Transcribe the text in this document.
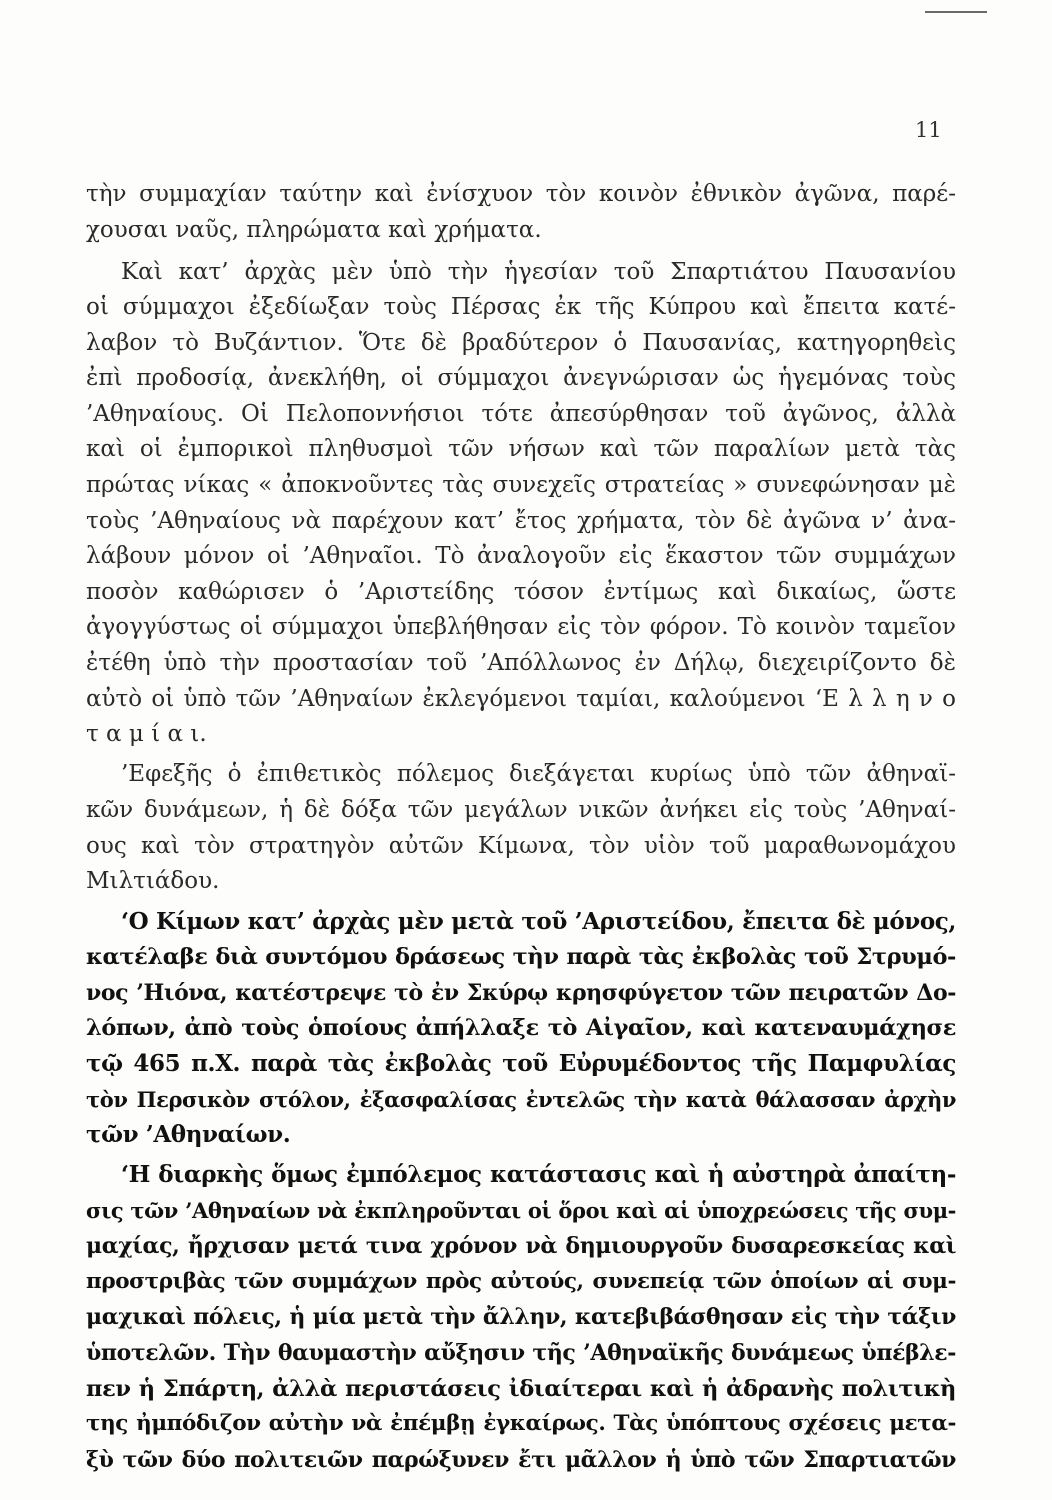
11
τὴν συμμαχίαν ταύτην καὶ ἐνίσχυον τὸν κοινὸν ἐθνικὸν ἀγῶνα, παρέ-
χουσαι ναῦς, πληρώματα καὶ χρήματα.
Καὶ κατ’ ἀρχὰς μὲν ὑπὸ τὴν ἡγεσίαν τοῦ Σπαρτιάτου Παυσανίου
οἱ σύμμαχοι ἐξεδίωξαν τοὺς Πέρσας ἐκ τῆς Κύπρου καὶ ἔπειτα κατέ-
λαβον τὸ Βυζάντιον. Ὅτε δὲ βραδύτερον ὁ Παυσανίας, κατηγορηθεὶς
ἐπὶ προδοσίᾳ, ἀνεκλήθη, οἱ σύμμαχοι ἀνεγνώρισαν ὡς ἡγεμόνας τοὺς
’Αθηναίους. Οἱ Πελοποννήσιοι τότε ἀπεσύρθησαν τοῦ ἀγῶνος, ἀλλὰ
καὶ οἱ ἐμπορικοὶ πληθυσμοὶ τῶν νήσων καὶ τῶν παραλίων μετὰ τὰς
πρώτας νίκας « ἀποκνοῦντες τὰς συνεχεῖς στρατείας » συνεφώνησαν μὲ
τοὺς ’Αθηναίους νὰ παρέχουν κατ’ ἔτος χρήματα, τὸν δὲ ἀγῶνα ν’ ἀνα-
λάβουν μόνον οἱ ’Αθηναῖοι. Τὸ ἀναλογοῦν εἰς ἕκαστον τῶν συμμάχων
ποσὸν καθώρισεν ὁ ’Αριστείδης τόσον ἐντίμως καὶ δικαίως, ὥστε
ἀγογγύστως οἱ σύμμαχοι ὑπεβλήθησαν εἰς τὸν φόρον. Τὸ κοινὸν ταμεῖον
ἐτέθη ὑπὸ τὴν προστασίαν τοῦ ’Απόλλωνος ἐν Δήλῳ, διεχειρίζοντο δὲ
αὐτὸ οἱ ὑπὸ τῶν ’Αθηναίων ἐκλεγόμενοι ταμίαι, καλούμενοι ‘Ε λ λ η ν ο
τ α μ ί α ι.
’Εφεξῆς ὁ ἐπιθετικὸς πόλεμος διεξάγεται κυρίως ὑπὸ τῶν ἀθηναϊ-
κῶν δυνάμεων, ἡ δὲ δόξα τῶν μεγάλων νικῶν ἀνήκει εἰς τοὺς ’Αθηναί-
ους καὶ τὸν στρατηγὸν αὐτῶν Κίμωνα, τὸν υἱὸν τοῦ μαραθωνομάχου
Μιλτιάδου.
‘Ο Κίμων κατ’ ἀρχὰς μὲν μετὰ τοῦ ’Αριστείδου, ἔπειτα δὲ μόνος,
κατέλαβε διὰ συντόμου δράσεως τὴν παρὰ τὰς ἐκβολὰς τοῦ Στρυμό-
νος ’Ηιόνα, κατέστρεψε τὸ ἐν Σκύρῳ κρησφύγετον τῶν πειρατῶν Δο-
λόπων, ἀπὸ τοὺς ὁποίους ἀπήλλαξε τὸ Αἰγαῖον, καὶ κατεναυμάχησε
τῷ 465 π.Χ. παρὰ τὰς ἐκβολὰς τοῦ Εὐρυμέδοντος τῆς Παμφυλίας
τὸν Περσικὸν στόλον, ἐξασφαλίσας ἐντελῶς τὴν κατὰ θάλασσαν ἀρχὴν
τῶν ’Αθηναίων.
‘Η διαρκὴς ὅμως ἐμπόλεμος κατάστασις καὶ ἡ αὐστηρὰ ἀπαίτη-
σις τῶν ’Αθηναίων νὰ ἐκπληροῦνται οἱ ὅροι καὶ αἱ ὑποχρεώσεις τῆς συμ-
μαχίας, ἤρχισαν μετά τινα χρόνον νὰ δημιουργοῦν δυσαρεσκείας καὶ
προστριβὰς τῶν συμμάχων πρὸς αὐτούς, συνεπείᾳ τῶν ὁποίων αἱ συμ-
μαχικαὶ πόλεις, ἡ μία μετὰ τὴν ἄλλην, κατεβιβάσθησαν εἰς τὴν τάξιν
ὑποτελῶν. Τὴν θαυμαστὴν αὔξησιν τῆς ’Αθηναϊκῆς δυνάμεως ὑπέβλε-
πεν ἡ Σπάρτη, ἀλλὰ περιστάσεις ἰδιαίτεραι καὶ ἡ ἀδρανὴς πολιτικὴ
της ἠμπόδιζον αὐτὴν νὰ ἐπέμβῃ ἐγκαίρως. Τὰς ὑπόπτους σχέσεις μετα-
ξὺ τῶν δύο πολιτειῶν παρώξυνεν ἔτι μᾶλλον ἡ ὑπὸ τῶν Σπαρτιατῶν
